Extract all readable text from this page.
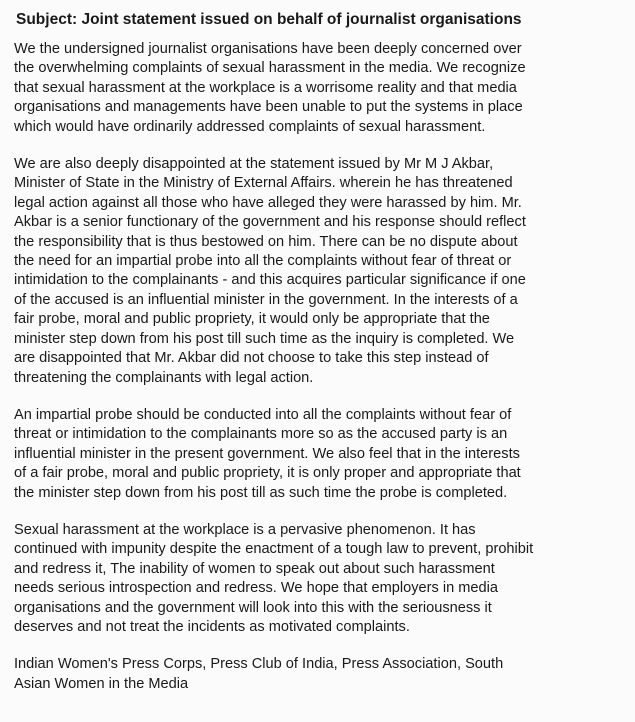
Subject: Joint statement issued on behalf of journalist organisations
We the undersigned journalist organisations have been deeply concerned over
the overwhelming complaints of sexual harassment in the media. We recognize
that sexual harassment at the workplace is a worrisome reality and that media
organisations and managements have been unable to put the systems in place
which would have ordinarily addressed complaints of sexual harassment.
We are also deeply disappointed at the statement issued by Mr M J Akbar,
Minister of State in the Ministry of External Affairs. wherein he has threatened
legal action against all those who have alleged they were harassed by him. Mr.
Akbar is a senior functionary of the government and his response should reflect
the responsibility that is thus bestowed on him. There can be no dispute about
the need for an impartial probe into all the complaints without fear of threat or
intimidation to the complainants - and this acquires particular significance if one
of the accused is an influential minister in the government. In the interests of a
fair probe, moral and public propriety, it would only be appropriate that the
minister step down from his post till such time as the inquiry is completed. We
are disappointed that Mr. Akbar did not choose to take this step instead of
threatening the complainants with legal action.
An impartial probe should be conducted into all the complaints without fear of
threat or intimidation to the complainants more so as the accused party is an
influential minister in the present government. We also feel that in the interests
of a fair probe, moral and public propriety, it is only proper and appropriate that
the minister step down from his post till as such time the probe is completed.
Sexual harassment at the workplace is a pervasive phenomenon. It has
continued with impunity despite the enactment of a tough law to prevent, prohibit
and redress it, The inability of women to speak out about such harassment
needs serious introspection and redress. We hope that employers in media
organisations and the government will look into this with the seriousness it
deserves and not treat the incidents as motivated complaints.
Indian Women's Press Corps, Press Club of India, Press Association, South
Asian Women in the Media
